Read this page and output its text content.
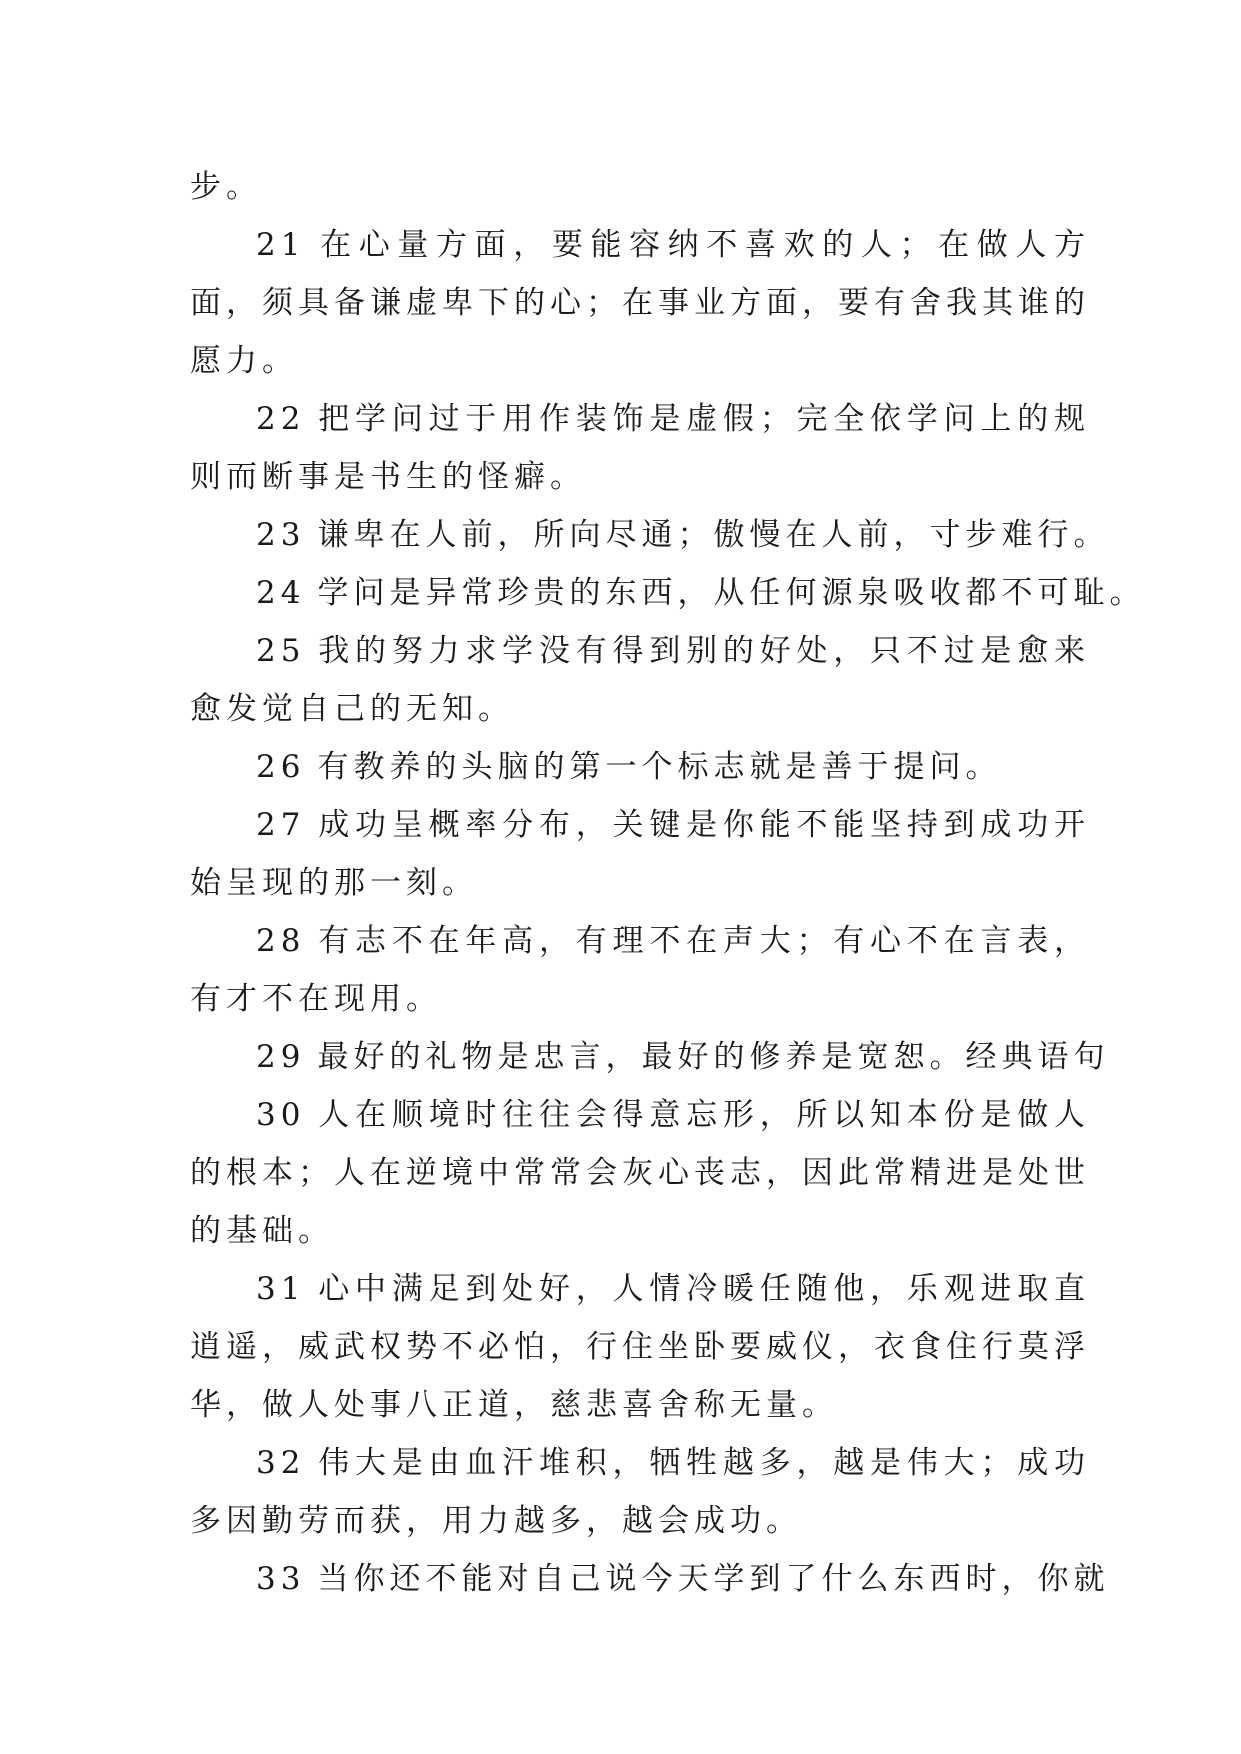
步。

21 在心量方面，要能容纳不喜欢的人；在做人方面，须具备谦虚卑下的心；在事业方面，要有舍我其谁的愿力。

22 把学问过于用作装饰是虚假；完全依学问上的规则而断事是书生的怪癖。

23 谦卑在人前，所向尽通；傲慢在人前，寸步难行。

24 学问是异常珍贵的东西，从任何源泉吸收都不可耻。

25 我的努力求学没有得到别的好处，只不过是愈来愈发觉自己的无知。

26 有教养的头脑的第一个标志就是善于提问。

27 成功呈概率分布，关键是你能不能坚持到成功开始呈现的那一刻。

28 有志不在年高，有理不在声大；有心不在言表，有才不在现用。

29 最好的礼物是忠言，最好的修养是宽恕。经典语句

30 人在顺境时往往会得意忘形，所以知本份是做人的根本；人在逆境中常常会灰心丧志，因此常精进是处世的基础。

31 心中满足到处好，人情冷暖任随他，乐观进取直逍遥，威武权势不必怕，行住坐卧要威仪，衣食住行莫浮华，做人处事八正道，慈悲喜舍称无量。

32 伟大是由血汗堆积，牺牲越多，越是伟大；成功多因勤劳而获，用力越多，越会成功。

33 当你还不能对自己说今天学到了什么东西时，你就
